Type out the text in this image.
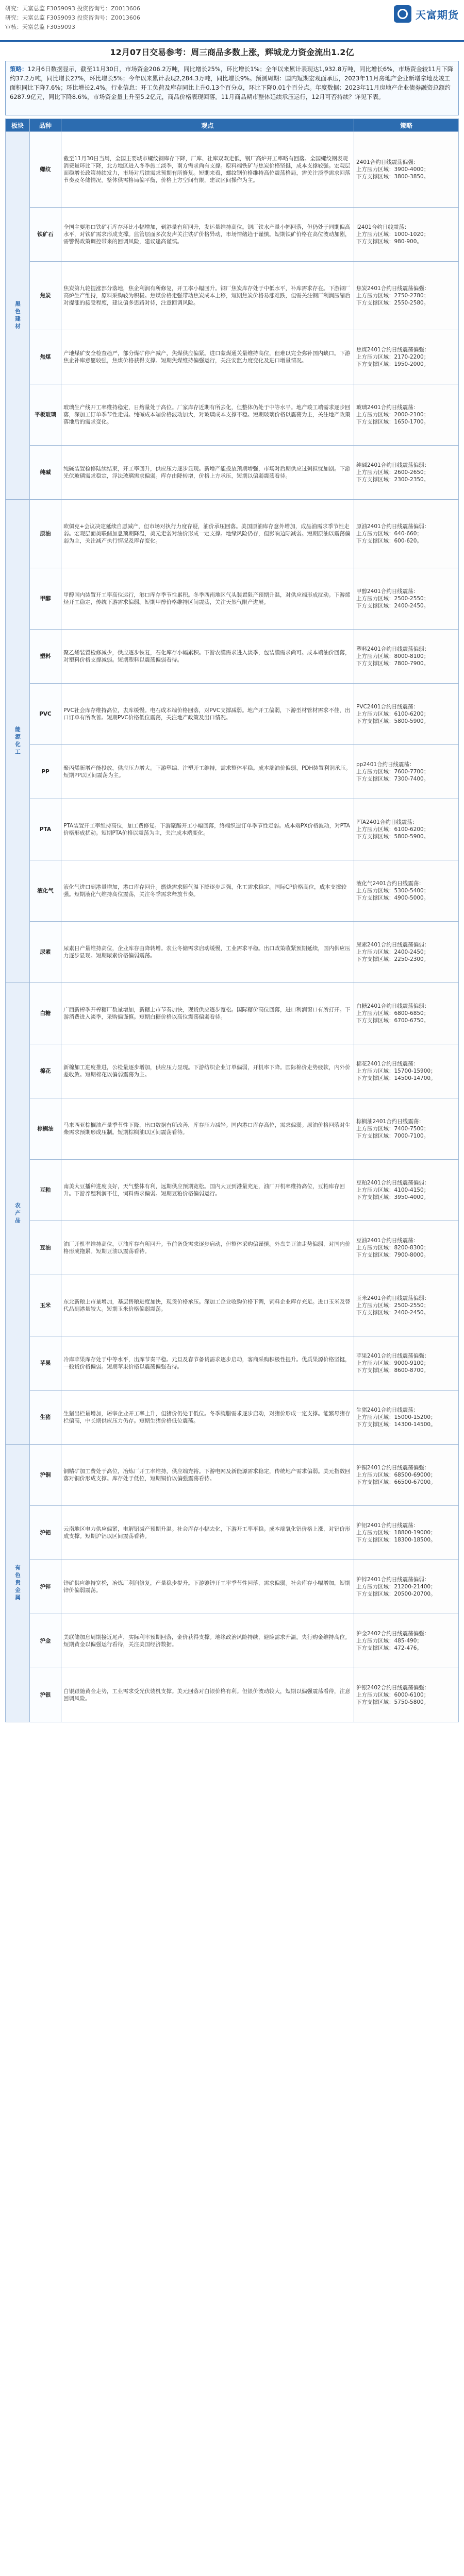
研究：天富总监 F3059093 投资咨询号：Z0013606
研究：天富总监 F3059093 投资咨询号：Z0013606
审核：天富总监 F3059093
天富期货
12月07日交易参考：周三商品多数上涨，辉城龙力资金流出1.2亿
策略：12月6日数据显示，截至11月30日，市场资金206.2万吨，同比增长25%，环比增长1%；全年以来累计表现达1,932.8万吨，同比增长6%，市场资金较11月下降约37.2万吨，同比增长27%，环比增长5%；今年以来累计表现2,284.3万吨，同比增长9%。预测周期：国内短期宏观面承压，2023年11月房地产企业新增拿地及竣工面积同比下降7.6%；环比增长2.4%。行业信息：开工负荷及库存同比上升0.13个百分点，环比下降0.01个百分点。年度数据：2023年11月房地产企业债券融资总额约6287.9亿元，同比下降8.6%，市场资金量上升至5.2亿元，商品价格表现回落。11月商品期市整体延续承压运行，12月可否持续？详见下表。
板块	品种	观点	策略
黑色建材	螺纹	截至11月30日当周，全国主要城市螺纹钢库存下降，厂库、社库双双走低，钢厂高炉开工率略有回落。全国螺纹钢表观消费量环比下降，北方地区进入冬季施工淡季，南方需求尚有支撑。原料端铁矿与焦炭价格坚挺，成本支撑较强。宏观层面稳增长政策持续发力，市场对后续需求预期有所修复。短期来看，螺纹钢价格维持高位震荡格局，需关注淡季需求回落节奏及冬储情况。整体供需格局偏平衡，价格上方空间有限，建议区间操作为主。	2401合约日线震荡偏强：
上方压力区域：3900-4000；
下方支撑区域：3800-3850。

	铁矿石	全国主要港口铁矿石库存环比小幅增加，到港量有所回升，发运量维持高位。钢厂铁水产量小幅回落，但仍处于同期偏高水平，对铁矿需求形成支撑。监管层面多次发声关注铁矿价格异动，市场情绪趋于谨慎。短期铁矿价格在高位波动加剧，需警惕政策调控带来的回调风险，建议逢高谨慎。	I2401合约日线震荡：
上方压力区域：1000-1020；
下方支撑区域：980-900。

	焦炭	焦炭第九轮提涨部分落地，焦企利润有所修复，开工率小幅回升。钢厂焦炭库存处于中低水平，补库需求存在。下游钢厂高炉生产维持，原料采购较为积极。焦煤价格走强带动焦炭成本上移，短期焦炭价格易涨难跌，但需关注钢厂利润压缩后对提涨的接受程度，建议偏多思路对待，注意回调风险。	焦炭2401合约日线震荡偏强：
上方压力区域：2750-2780；
下方支撑区域：2550-2580。

	焦煤	产地煤矿安全检查趋严，部分煤矿停产减产，焦煤供应偏紧。进口蒙煤通关量维持高位，但难以完全弥补国内缺口。下游焦企补库意愿较强，焦煤价格获得支撑。短期焦煤维持偏强运行，关注安监力度变化及进口增量情况。	焦煤2401合约日线震荡偏强：
上方压力区域：2170-2200；
下方支撑区域：1950-2000。

	平板玻璃	玻璃生产线开工率维持稳定，日熔量处于高位。厂家库存近期有所去化，但整体仍处于中等水平。地产竣工端需求逐步回落，深加工订单季节性走弱。纯碱成本端价格波动加大，对玻璃成本支撑不稳。短期玻璃价格以震荡为主，关注地产政策落地后的需求变化。	玻璃2401合约日线震荡：
上方压力区域：2000-2100；
下方支撑区域：1650-1700。

	纯碱	纯碱装置检修陆续结束，开工率回升，供应压力逐步显现。新增产能投放预期增强，市场对后期供应过剩担忧加剧。下游光伏玻璃需求稳定，浮法玻璃需求偏弱。库存由降转增，价格上方承压，短期以偏弱震荡看待。	纯碱2401合约日线震荡偏弱：
上方压力区域：2600-2650；
下方支撑区域：2300-2350。

能源化工	原油	欧佩克+会议决定延续自愿减产，但市场对执行力度存疑，油价承压回落。美国原油库存意外增加，成品油需求季节性走弱。宏观层面美联储加息预期降温，美元走弱对油价形成一定支撑。地缘风险仍存，但影响边际减弱。短期原油以震荡偏弱为主，关注减产执行情况及库存变化。	原油2401合约日线震荡偏弱：
上方压力区域：640-660；
下方支撑区域：600-620。

	甲醇	甲醇国内装置开工率高位运行，港口库存季节性累积。冬季西南地区气头装置限产预期升温，对供应端形成扰动。下游烯烃开工稳定，传统下游需求偏弱。短期甲醇价格维持区间震荡，关注天然气限产进展。	甲醇2401合约日线震荡：
上方压力区域：2500-2550；
下方支撑区域：2400-2450。

	塑料	聚乙烯装置检修减少，供应逐步恢复，石化库存小幅累积。下游农膜需求进入淡季，包装膜需求尚可。成本端油价回落，对塑料价格支撑减弱。短期塑料以震荡偏弱看待。	塑料2401合约日线震荡偏弱：
上方压力区域：8000-8100；
下方支撑区域：7800-7900。

	PVC	PVC社会库存维持高位，去库缓慢。电石成本端价格回落，对PVC支撑减弱。地产开工偏弱，下游型材管材需求不佳，出口订单有所改善。短期PVC价格低位震荡，关注地产政策及出口情况。	PVC2401合约日线震荡：
上方压力区域：6100-6200；
下方支撑区域：5800-5900。

	PP	聚丙烯新增产能投放，供应压力增大。下游塑编、注塑开工维持，需求整体平稳。成本端油价偏弱，PDH装置利润承压。短期PP以区间震荡为主。	pp2401合约日线震荡：
上方压力区域：7600-7700；
下方支撑区域：7300-7400。

	PTA	PTA装置开工率维持高位，加工费修复。下游聚酯开工小幅回落，终端织造订单季节性走弱。成本端PX价格波动，对PTA价格形成扰动。短期PTA价格以震荡为主，关注成本端变化。	PTA2401合约日线震荡：
上方压力区域：6100-6200；
下方支撑区域：5800-5900。

	液化气	液化气进口到港量增加，港口库存回升。燃烧需求随气温下降逐步走强，化工需求稳定。国际CP价格高位，成本支撑较强。短期液化气维持高位震荡，关注冬季需求释放节奏。	液化气2401合约日线震荡：
上方压力区域：5300-5400；
下方支撑区域：4900-5000。

	尿素	尿素日产量维持高位，企业库存由降转增。农业冬储需求启动缓慢，工业需求平稳。出口政策收紧预期延续，国内供应压力逐步显现。短期尿素价格偏弱震荡。	尿素2401合约日线震荡偏弱：
上方压力区域：2400-2450；
下方支撑区域：2250-2300。

农产品	白糖	广西新榨季开榨糖厂数量增加，新糖上市节奏加快，现货供应逐步宽松。国际糖价高位回落，进口利润窗口有所打开。下游消费进入淡季，采购偏谨慎。短期白糖价格以高位震荡偏弱看待。	白糖2401合约日线震荡偏弱：
上方压力区域：6800-6850；
下方支撑区域：6700-6750。

	棉花	新棉加工进度推进，公检量逐步增加，供应压力显现。下游纺织企业订单偏弱，开机率下降。国际棉价走势疲软，内外价差收敛。短期棉花以偏弱震荡为主。	棉花2401合约日线震荡：
上方压力区域：15700-15900；
下方支撑区域：14500-14700。

	棕榈油	马来西亚棕榈油产量季节性下降，出口数据有所改善，库存压力减轻。国内港口库存高位，需求偏弱。原油价格回落对生柴需求预期形成压制。短期棕榈油以区间震荡看待。	棕榈油2401合约日线震荡：
上方压力区域：7400-7500；
下方支撑区域：7000-7100。

	豆粕	南美大豆播种进度良好，天气整体有利，远期供应预期宽松。国内大豆到港量充足，油厂开机率维持高位，豆粕库存回升。下游养殖利润不佳，饲料需求偏弱。短期豆粕价格偏弱运行。	豆粕2401合约日线震荡偏弱：
上方压力区域：4100-4150；
下方支撑区域：3950-4000。

	豆油	油厂开机率维持高位，豆油库存有所回升。节前备货需求逐步启动，但整体采购偏谨慎。外盘美豆油走势偏弱，对国内价格形成拖累。短期豆油以震荡看待。	豆油2401合约日线震荡：
上方压力区域：8200-8300；
下方支撑区域：7900-8000。

	玉米	东北新粮上市量增加，基层售粮进度加快，现货价格承压。深加工企业收购价格下调，饲料企业库存充足。进口玉米及替代品到港量较大。短期玉米价格偏弱震荡。	玉米2401合约日线震荡偏弱：
上方压力区域：2500-2550；
下方支撑区域：2400-2450。

	苹果	冷库苹果库存处于中等水平，出库节奏平稳。元旦及春节备货需求逐步启动，客商采购积极性提升。优质果源价格坚挺，一般货价格偏弱。短期苹果价格以震荡偏强看待。	苹果2401合约日线震荡偏强：
上方压力区域：9000-9100；
下方支撑区域：8600-8700。

	生猪	生猪出栏量增加，屠宰企业开工率上升，但猪价仍处于低位。冬季腌腊需求逐步启动，对猪价形成一定支撑。能繁母猪存栏偏高，中长期供应压力仍存。短期生猪价格低位震荡。	生猪2401合约日线震荡：
上方压力区域：15000-15200；
下方支撑区域：14300-14500。

有色贵金属	沪铜	铜精矿加工费处于高位，冶炼厂开工率维持，供应端充裕。下游电网及新能源需求稳定，传统地产需求偏弱。美元指数回落对铜价形成支撑。库存处于低位，短期铜价以偏强震荡看待。	沪铜2401合约日线震荡偏强：
上方压力区域：68500-69000；
下方支撑区域：66500-67000。

	沪铝	云南地区电力供应偏紧，电解铝减产预期升温。社会库存小幅去化，下游开工率平稳。成本端氧化铝价格上涨，对铝价形成支撑。短期沪铝以区间震荡看待。	沪铝2401合约日线震荡：
上方压力区域：18800-19000；
下方支撑区域：18300-18500。

	沪锌	锌矿供应维持宽松，冶炼厂利润修复，产量稳步提升。下游镀锌开工率季节性回落，需求偏弱。社会库存小幅增加，短期锌价偏弱震荡。	沪锌2401合约日线震荡偏弱：
上方压力区域：21200-21400；
下方支撑区域：20500-20700。

	沪金	美联储加息周期接近尾声，实际利率预期回落，金价获得支撑。地缘政治风险持续，避险需求升温。央行购金维持高位。短期黄金以偏强运行看待，关注美国经济数据。	沪金2402合约日线震荡偏强：
上方压力区域：485-490；
下方支撑区域：472-476。

	沪银	白银跟随黄金走势，工业需求受光伏装机支撑。美元回落对白银价格有利。但银价波动较大，短期以偏强震荡看待，注意回调风险。	沪银2402合约日线震荡偏强：
上方压力区域：6000-6100；
下方支撑区域：5750-5800。
